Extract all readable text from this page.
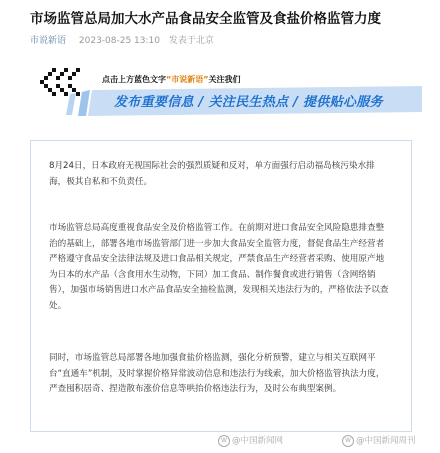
市场监管总局加大水产品食品安全监管及食盐价格监管力度
市说新语 2023-08-25 13:10 发表于北京
点击上方蓝色文字“市说新语”关注我们
发布重要信息 / 关注民生热点 / 提供贴心服务

8月24日，日本政府无视国际社会的强烈质疑和反对，单方面强行启动福岛核污染水排海，极其自私和不负责任。

市场监管总局高度重视食品安全及价格监管工作。在前期对进口食品安全风险隐患排查整治的基础上，部署各地市场监管部门进一步加大食品安全监管力度，督促食品生产经营者严格遵守食品安全法律法规及进口食品相关规定，严禁食品生产经营者采购、使用原产地为日本的水产品（含食用水生动物，下同）加工食品、制作餐食或进行销售（含网络销售），加强市场销售进口水产品食品安全抽检监测，发现相关违法行为的，严格依法予以查处。

同时，市场监管总局部署各地加强食盐价格监测，强化分析预警，建立与相关互联网平台“直通车”机制，及时掌握价格异常波动信息和违法行为线索，加大价格监管执法力度，严查囤积居奇、捏造散布涨价信息等哄抬价格违法行为，及时公布典型案例。

W @中国新闻网	W @中国新闻周刊
